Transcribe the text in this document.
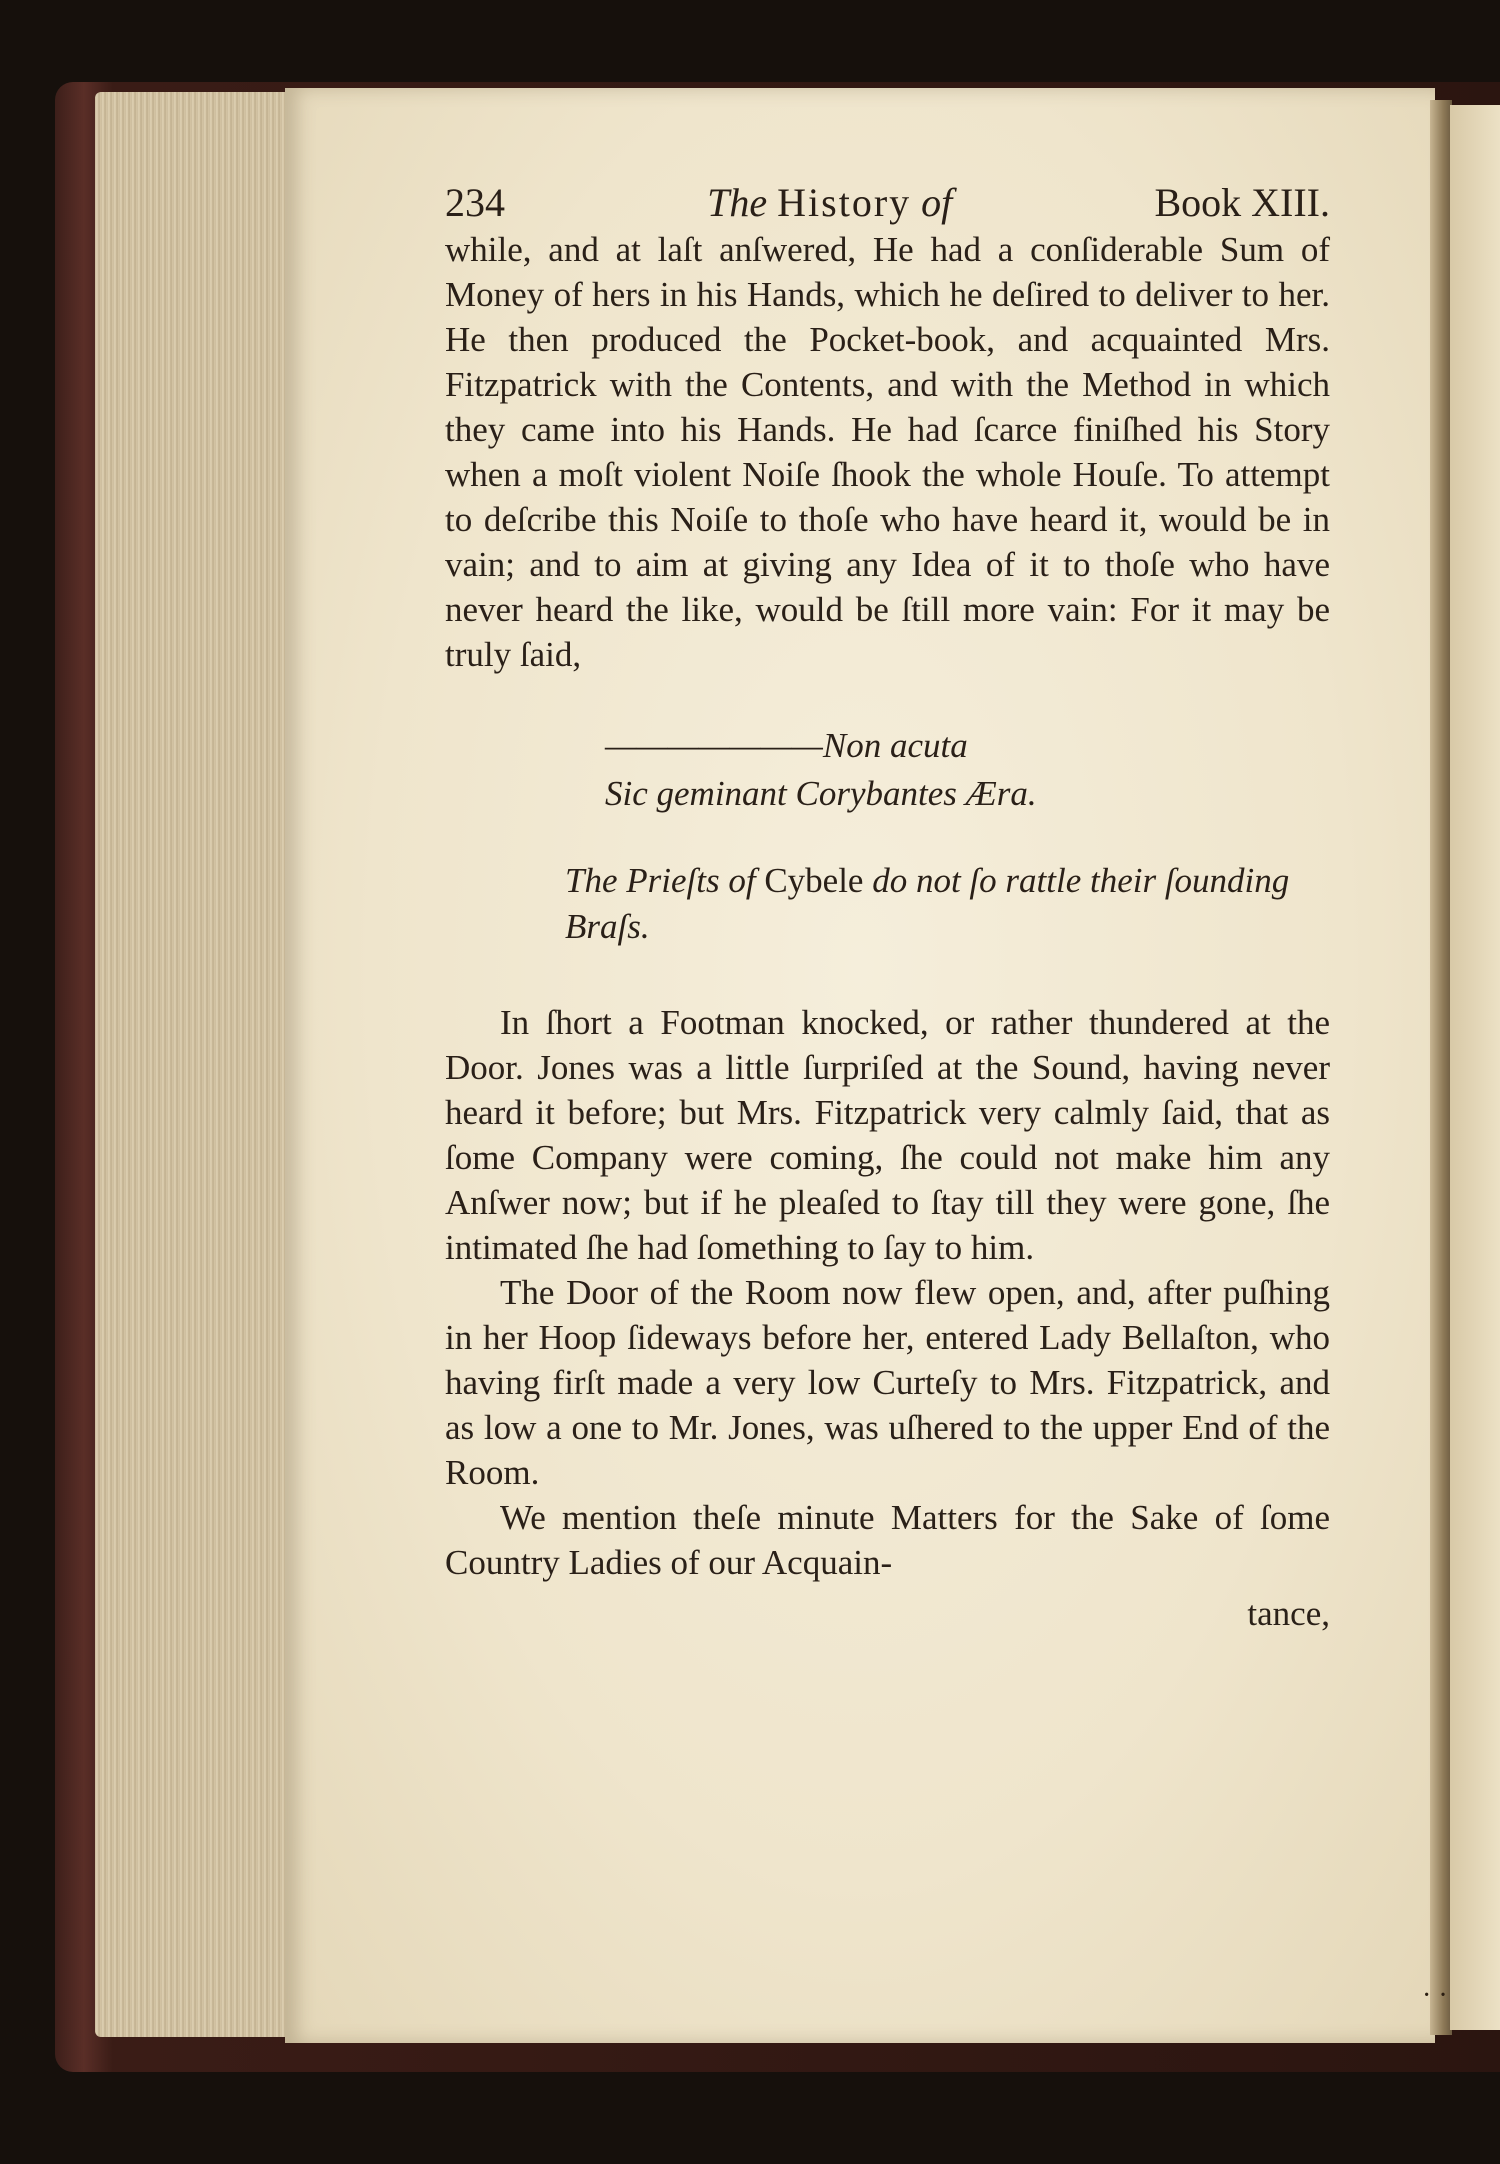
234	The History of	Book XIII.

while, and at laſt anſwered, He had a conſiderable Sum of Money of hers in his Hands, which he deſired to deliver to her. He then produced the Pocket-book, and acquainted Mrs. Fitzpatrick with the Contents, and with the Method in which they came into his Hands. He had ſcarce finiſhed his Story when a moſt violent Noiſe ſhook the whole Houſe. To attempt to deſcribe this Noiſe to thoſe who have heard it, would be in vain; and to aim at giving any Idea of it to thoſe who have never heard the like, would be ſtill more vain: For it may be truly ſaid,

———————Non acuta
Sic geminant Corybantes Æra.
The Prieſts of Cybele do not ſo rattle their ſounding Braſs.

In ſhort a Footman knocked, or rather thundered at the Door. Jones was a little ſurpriſed at the Sound, having never heard it before; but Mrs. Fitzpatrick very calmly ſaid, that as ſome Company were coming, ſhe could not make him any Anſwer now; but if he pleaſed to ſtay till they were gone, ſhe intimated ſhe had ſomething to ſay to him.

The Door of the Room now flew open, and, after puſhing in her Hoop ſideways before her, entered Lady Bellaſton, who having firſt made a very low Curteſy to Mrs. Fitzpatrick, and as low a one to Mr. Jones, was uſhered to the upper End of the Room.

We mention theſe minute Matters for the Sake of ſome Country Ladies of our Acquain-

tance,
· ·
